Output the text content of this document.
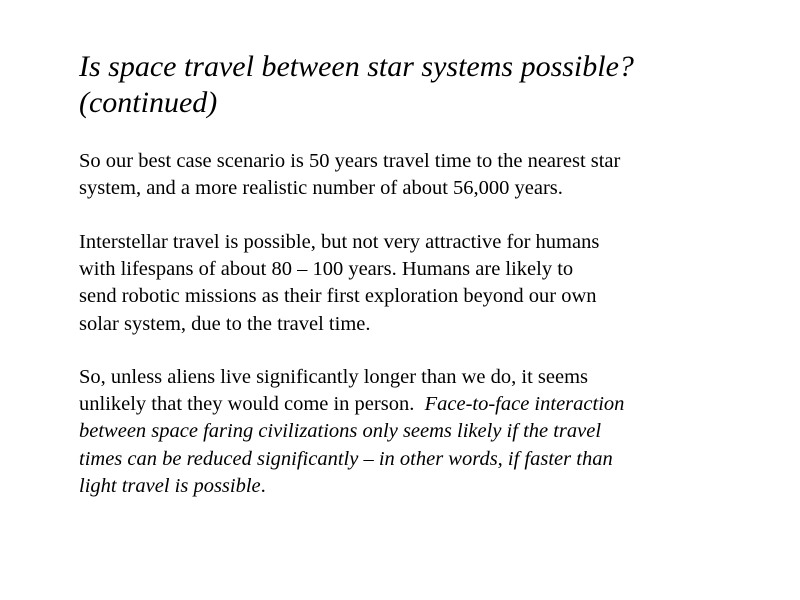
Is space travel between star systems possible?
(continued)

So our best case scenario is 50 years travel time to the nearest star
system, and a more realistic number of about 56,000 years.

Interstellar travel is possible, but not very attractive for humans
with lifespans of about 80 – 100 years. Humans are likely to
send robotic missions as their first exploration beyond our own
solar system, due to the travel time.

So, unless aliens live significantly longer than we do, it seems
unlikely that they would come in person.  Face-to-face interaction
between space faring civilizations only seems likely if the travel
times can be reduced significantly – in other words, if faster than
light travel is possible.
